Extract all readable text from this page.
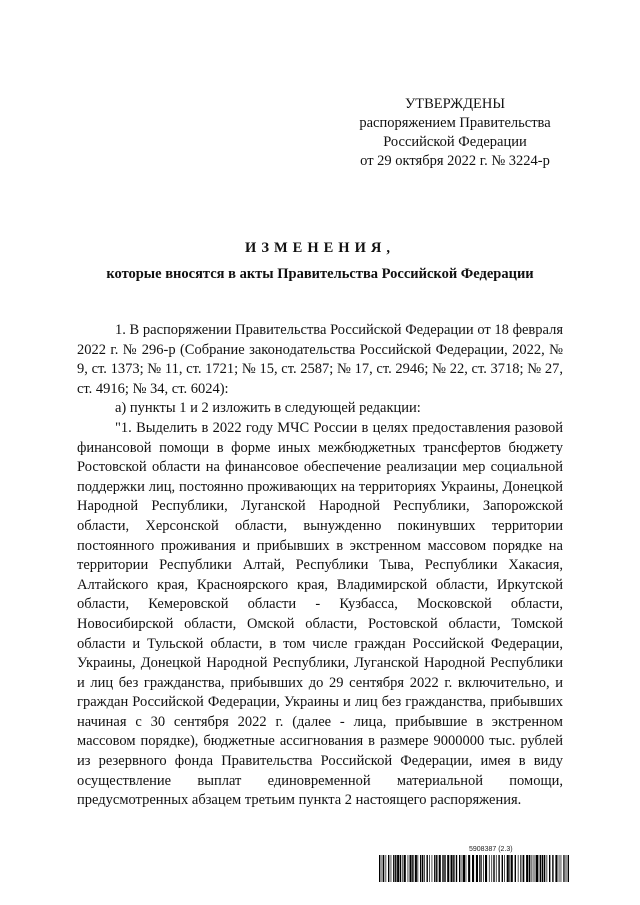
УТВЕРЖДЕНЫ
распоряжением Правительства
Российской Федерации
от 29 октября 2022 г. № 3224-р
ИЗМЕНЕНИЯ,
которые вносятся в акты Правительства Российской Федерации

1. В распоряжении Правительства Российской Федерации от 18 февраля 2022 г. № 296-р (Собрание законодательства Российской Федерации, 2022, № 9, ст. 1373; № 11, ст. 1721; № 15, ст. 2587; № 17, ст. 2946; № 22, ст. 3718; № 27, ст. 4916; № 34, ст. 6024):

а) пункты 1 и 2 изложить в следующей редакции:

"1. Выделить в 2022 году МЧС России в целях предоставления разовой финансовой помощи в форме иных межбюджетных трансфертов бюджету Ростовской области на финансовое обеспечение реализации мер социальной поддержки лиц, постоянно проживающих на территориях Украины, Донецкой Народной Республики, Луганской Народной Республики, Запорожской области, Херсонской области, вынужденно покинувших территории постоянного проживания и прибывших в экстренном массовом порядке на территории Республики Алтай, Республики Тыва, Республики Хакасия, Алтайского края, Красноярского края, Владимирской области, Иркутской области, Кемеровской области - Кузбасса, Московской области, Новосибирской области, Омской области, Ростовской области, Томской области и Тульской области, в том числе граждан Российской Федерации, Украины, Донецкой Народной Республики, Луганской Народной Республики и лиц без гражданства, прибывших до 29 сентября 2022 г. включительно, и граждан Российской Федерации, Украины и лиц без гражданства, прибывших начиная с 30 сентября 2022 г. (далее - лица, прибывшие в экстренном массовом порядке), бюджетные ассигнования в размере 9000000 тыс. рублей из резервного фонда Правительства Российской Федерации, имея в виду осуществление выплат единовременной материальной помощи, предусмотренных абзацем третьим пункта 2 настоящего распоряжения.

5908387 (2.3)
